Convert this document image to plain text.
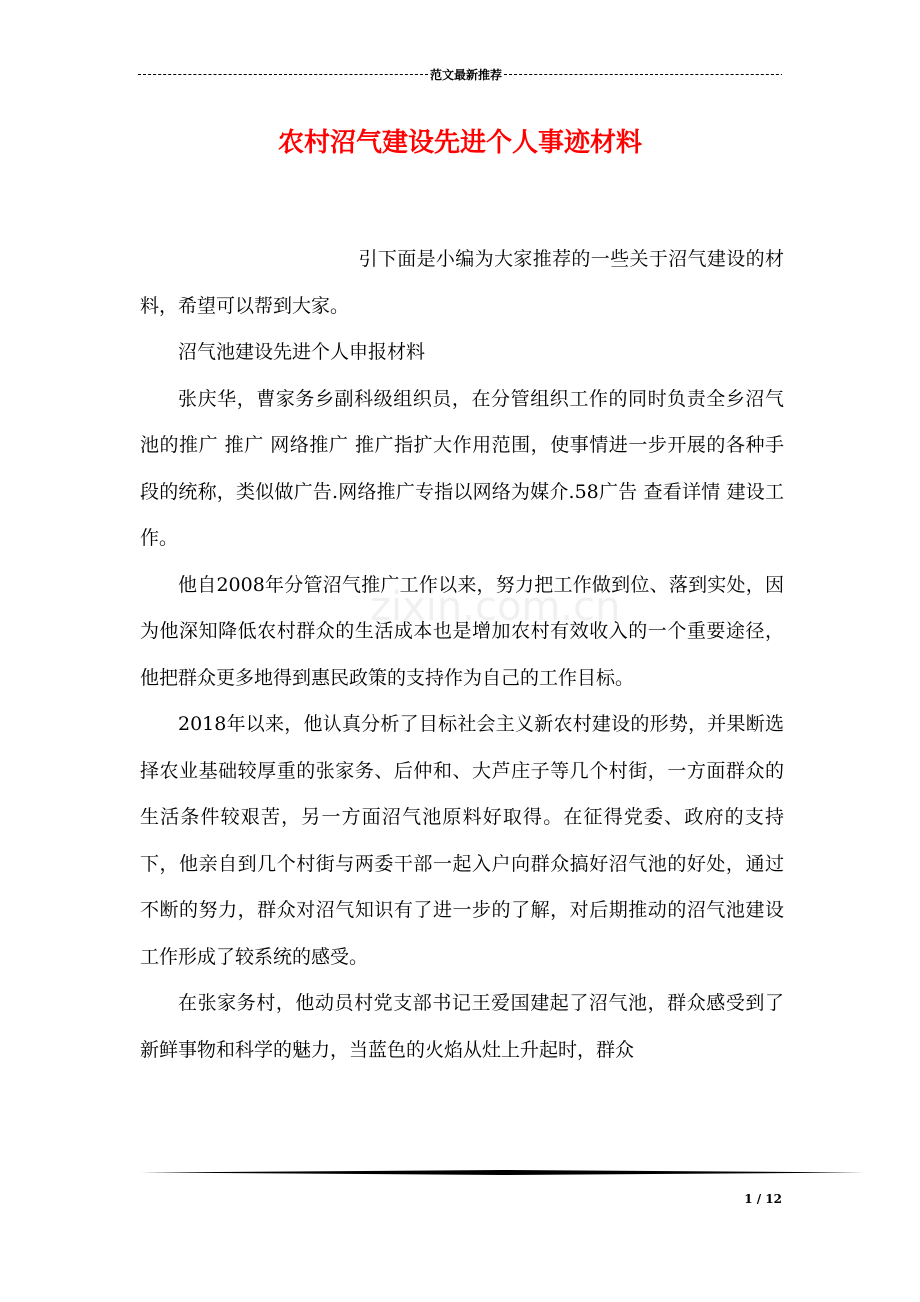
范文最新推荐
农村沼气建设先进个人事迹材料
zixin.com.cn

引下面是小编为大家推荐的一些关于沼气建设的材料，希望可以帮到大家。

沼气池建设先进个人申报材料

张庆华，曹家务乡副科级组织员，在分管组织工作的同时负责全乡沼气池的推广 推广 网络推广 推广指扩大作用范围，使事情进一步开展的各种手段的统称，类似做广告.网络推广专指以网络为媒介.58广告 查看详情 建设工作。

他自2008年分管沼气推广工作以来，努力把工作做到位、落到实处，因为他深知降低农村群众的生活成本也是增加农村有效收入的一个重要途径，他把群众更多地得到惠民政策的支持作为自己的工作目标。

2018年以来，他认真分析了目标社会主义新农村建设的形势，并果断选择农业基础较厚重的张家务、后仲和、大芦庄子等几个村街，一方面群众的生活条件较艰苦，另一方面沼气池原料好取得。在征得党委、政府的支持下，他亲自到几个村街与两委干部一起入户向群众搞好沼气池的好处，通过不断的努力，群众对沼气知识有了进一步的了解，对后期推动的沼气池建设工作形成了较系统的感受。

在张家务村，他动员村党支部书记王爱国建起了沼气池，群众感受到了新鲜事物和科学的魅力，当蓝色的火焰从灶上升起时，群众

1 / 12
